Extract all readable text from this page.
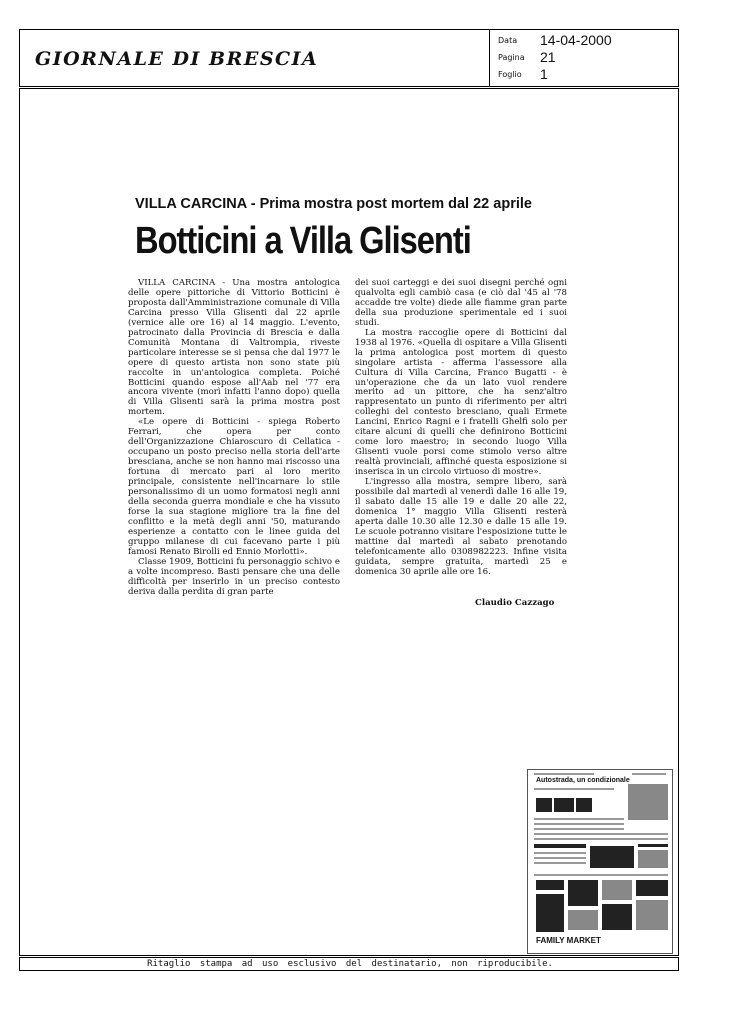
GIORNALE DI BRESCIA
Data 14-04-2000
Pagina 21
Foglio 1
VILLA CARCINA - Prima mostra post mortem dal 22 aprile
Botticini a Villa Glisenti

VILLA CARCINA - Una mostra antologica delle opere pittoriche di Vittorio Botticini è proposta dall'Amministrazione comunale di Villa Carcina presso Villa Glisenti dal 22 aprile (vernice alle ore 16) al 14 maggio. L'evento, patrocinato dalla Provincia di Brescia e dalla Comunità Montana di Valtrompia, riveste particolare interesse se si pensa che dal 1977 le opere di questo artista non sono state più raccolte in un'antologica completa. Poiché Botticini quando espose all'Aab nel '77 era ancora vivente (morì infatti l'anno dopo) quella di Villa Glisenti sarà la prima mostra post mortem.

«Le opere di Botticini - spiega Roberto Ferrari, che opera per conto dell'Organizzazione Chiaroscuro di Cellatica - occupano un posto preciso nella storia dell'arte bresciana, anche se non hanno mai riscosso una fortuna di mercato pari al loro merito principale, consistente nell'incarnare lo stile personalissimo di un uomo formatosi negli anni della seconda guerra mondiale e che ha vissuto forse la sua stagione migliore tra la fine del conflitto e la metà degli anni '50, maturando esperienze a contatto con le linee guida del gruppo milanese di cui facevano parte i più famosi Renato Birolli ed Ennio Morlotti».

Classe 1909, Botticini fu personaggio schivo e a volte incompreso. Basti pensare che una delle difficoltà per inserirlo in un preciso contesto deriva dalla perdita di gran parte

dei suoi carteggi e dei suoi disegni perché ogni qualvolta egli cambiò casa (e ciò dal '45 al '78 accadde tre volte) diede alle fiamme gran parte della sua produzione sperimentale ed i suoi studi.

La mostra raccoglie opere di Botticini dal 1938 al 1976. «Quella di ospitare a Villa Glisenti la prima antologica post mortem di questo singolare artista - afferma l'assessore alla Cultura di Villa Carcina, Franco Bugatti - è un'operazione che da un lato vuol rendere merito ad un pittore, che ha senz'altro rappresentato un punto di riferimento per altri colleghi del contesto bresciano, quali Ermete Lancini, Enrico Ragni e i fratelli Ghelfi solo per citare alcuni di quelli che definirono Botticini come loro maestro; in secondo luogo Villa Glisenti vuole porsi come stimolo verso altre realtà provinciali, affinché questa esposizione si inserisca in un circolo virtuoso di mostre».

L'ingresso alla mostra, sempre libero, sarà possibile dal martedì al venerdì dalle 16 alle 19, il sabato dalle 15 alle 19 e dalle 20 alle 22, domenica 1° maggio Villa Glisenti resterà aperta dalle 10.30 alle 12.30 e dalle 15 alle 19. Le scuole potranno visitare l'esposizione tutte le mattine dal martedì al sabato prenotando telefonicamente allo 0308982223. Infine visita guidata, sempre gratuita, martedì 25 e domenica 30 aprile alle ore 16.

Claudio Cazzago
Autostrada, un condizionale
FAMILY MARKET
Ritaglio stampa ad uso esclusivo del destinatario, non riproducibile.
